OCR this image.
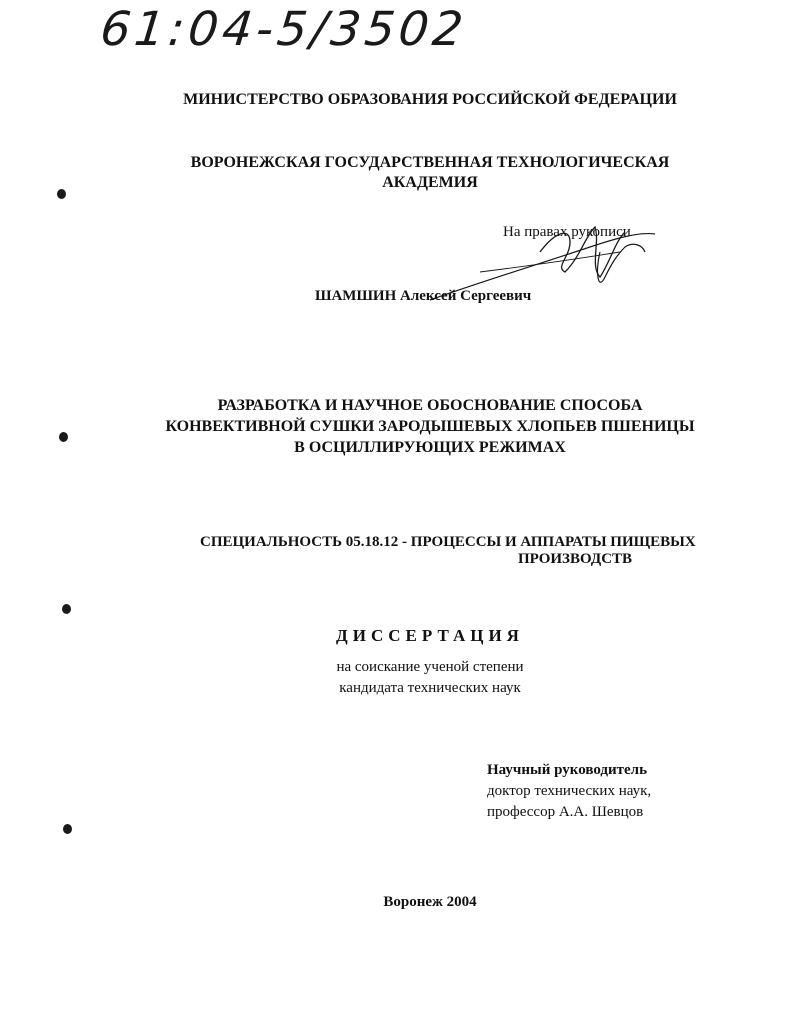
61:04-5/3502
МИНИСТЕРСТВО ОБРАЗОВАНИЯ РОССИЙСКОЙ ФЕДЕРАЦИИ
ВОРОНЕЖСКАЯ ГОСУДАРСТВЕННАЯ ТЕХНОЛОГИЧЕСКАЯ
АКАДЕМИЯ
На правах рукописи
ШАМШИН Алексей Сергеевич
РАЗРАБОТКА И НАУЧНОЕ ОБОСНОВАНИЕ СПОСОБА
КОНВЕКТИВНОЙ СУШКИ ЗАРОДЫШЕВЫХ ХЛОПЬЕВ ПШЕНИЦЫ
В ОСЦИЛЛИРУЮЩИХ РЕЖИМАХ
СПЕЦИАЛЬНОСТЬ 05.18.12 - ПРОЦЕССЫ И АППАРАТЫ ПИЩЕВЫХ
ПРОИЗВОДСТВ
ДИССЕРТАЦИЯ
на соискание ученой степени
кандидата технических наук
Научный руководитель
доктор технических наук,
профессор А.А. Шевцов
Воронеж 2004
